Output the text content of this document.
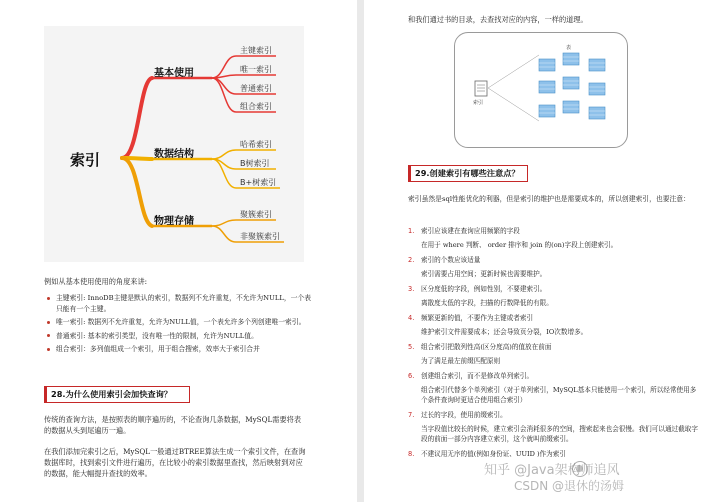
索引
基本使用
数据结构
物理存储
主键索引
唯一索引
普通索引
组合索引
哈希索引
B树索引
B+树索引
聚簇索引
非聚簇索引
例如从基本使用使用的角度来讲:
主键索引: InnoDB主键是默认的索引，数据列不允许重复，不允许为NULL，一个表只能有一个主键。
唯一索引: 数据列不允许重复，允许为NULL值，一个表允许多个列创建唯一索引。
普通索引: 基本的索引类型，没有唯一性的限制，允许为NULL值。
组合索引：多列值组成一个索引，用于组合搜索，效率大于索引合并
28.为什么使用索引会加快查询？
传统的查询方法，是按照表的顺序遍历的，不论查询几条数据，MySQL需要将表的数据从头到尾遍历一遍。
在我们添加完索引之后，MySQL一般通过BTREE算法生成一个索引文件，在查询数据库时，找到索引文件进行遍历，在比较小的索引数据里查找，然后映射到对应的数据，能大幅提升查找的效率。
和我们通过书的目录，去查找对应的内容，一样的道理。
表
索引
29.创建索引有哪些注意点？
索引虽然是sql性能优化的利器，但是索引的维护也是需要成本的，所以创建索引，也要注意：
1. 索引应该建在查询应用频繁的字段
在用于 where 判断、 order 排序和 join 的(on)字段上创建索引。
2. 索引的个数应该适量
索引需要占用空间；更新时候也需要维护。
3. 区分度低的字段，例如性别，不要建索引。
离散度太低的字段，扫描的行数降低的有限。
4. 频繁更新的值，不要作为主键或者索引
维护索引文件需要成本；还会导致页分裂，IO次数增多。
5. 组合索引把散列性高(区分度高)的值放在前面
为了满足最左前缀匹配原则
6. 创建组合索引，而不是修改单列索引。
组合索引代替多个单列索引（对于单列索引，MySQL基本只能使用一个索引，所以经常使用多个条件查询时更适合使用组合索引）
7. 过长的字段，使用前缀索引。
当字段值比较长的时候，建立索引会消耗很多的空间，搜索起来也会很慢。我们可以通过截取字段的前面一部分内容建立索引，这个就叫前缀索引。
8. 不建议用无序的值(例如身份证、UUID )作为索引
知乎 @Java架构师追风
CSDN @退休的汤姆
